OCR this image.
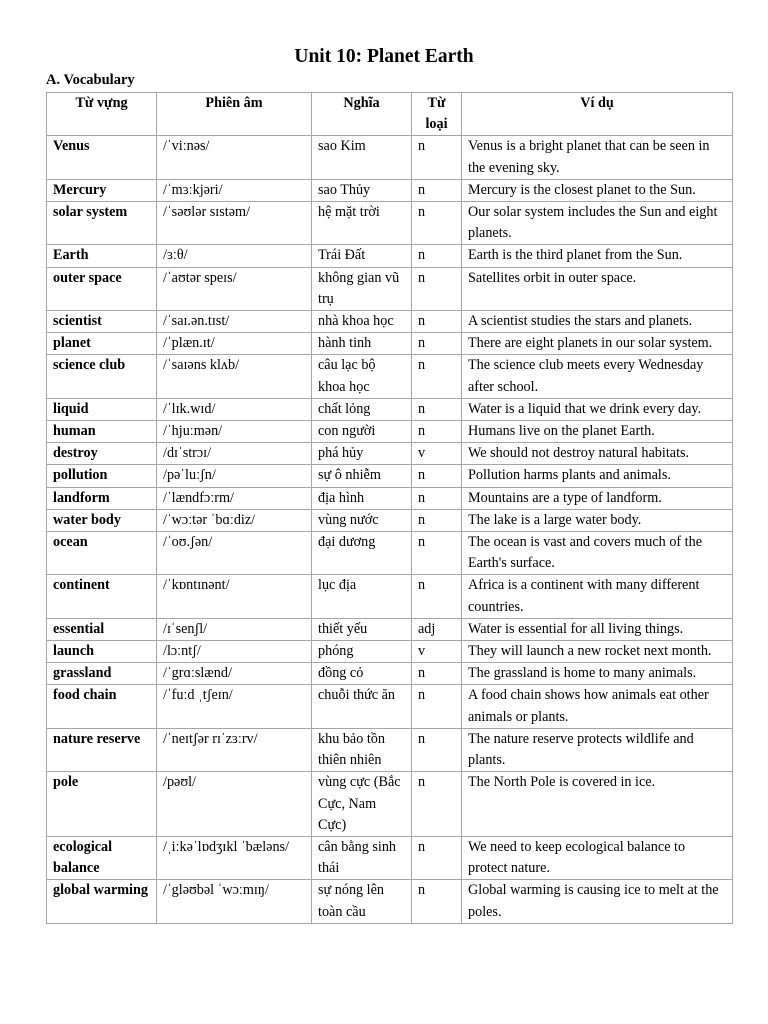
Unit 10: Planet Earth
A. Vocabulary
Từ vựng	Phiên âm	Nghĩa	Từ loại	Ví dụ
Venus	/ˈviːnəs/	sao Kim	n	Venus is a bright planet that can be seen in the evening sky.
Mercury	/ˈmɜːkjəri/	sao Thủy	n	Mercury is the closest planet to the Sun.
solar system	/ˈsəʊlər sɪstəm/	hệ mặt trời	n	Our solar system includes the Sun and eight planets.
Earth	/ɜːθ/	Trái Đất	n	Earth is the third planet from the Sun.
outer space	/ˈaʊtər speɪs/	không gian vũ trụ	n	Satellites orbit in outer space.
scientist	/ˈsaɪ.ən.tɪst/	nhà khoa học	n	A scientist studies the stars and planets.
planet	/ˈplæn.ɪt/	hành tinh	n	There are eight planets in our solar system.
science club	/ˈsaɪəns klʌb/	câu lạc bộ khoa học	n	The science club meets every Wednesday after school.
liquid	/ˈlɪk.wɪd/	chất lỏng	n	Water is a liquid that we drink every day.
human	/ˈhjuːmən/	con người	n	Humans live on the planet Earth.
destroy	/dɪˈstrɔɪ/	phá hủy	v	We should not destroy natural habitats.
pollution	/pəˈluːʃn/	sự ô nhiễm	n	Pollution harms plants and animals.
landform	/ˈlændfɔːrm/	địa hình	n	Mountains are a type of landform.
water body	/ˈwɔːtər ˈbɑːdiz/	vùng nước	n	The lake is a large water body.
ocean	/ˈoʊ.ʃən/	đại dương	n	The ocean is vast and covers much of the Earth's surface.
continent	/ˈkɒntɪnənt/	lục địa	n	Africa is a continent with many different countries.
essential	/ɪˈsenʃl/	thiết yếu	adj	Water is essential for all living things.
launch	/lɔːntʃ/	phóng	v	They will launch a new rocket next month.
grassland	/ˈgrɑːslænd/	đồng cỏ	n	The grassland is home to many animals.
food chain	/ˈfuːd ˌtʃeɪn/	chuỗi thức ăn	n	A food chain shows how animals eat other animals or plants.
nature reserve	/ˈneɪtʃər rɪˈzɜːrv/	khu bảo tồn thiên nhiên	n	The nature reserve protects wildlife and plants.
pole	/pəʊl/	vùng cực (Bắc Cực, Nam Cực)	n	The North Pole is covered in ice.
ecological balance	/ˌiːkəˈlɒdʒɪkl ˈbæləns/	cân bằng sinh thái	n	We need to keep ecological balance to protect nature.
global warming	/ˈgləʊbəl ˈwɔːmɪŋ/	sự nóng lên toàn cầu	n	Global warming is causing ice to melt at the poles.
